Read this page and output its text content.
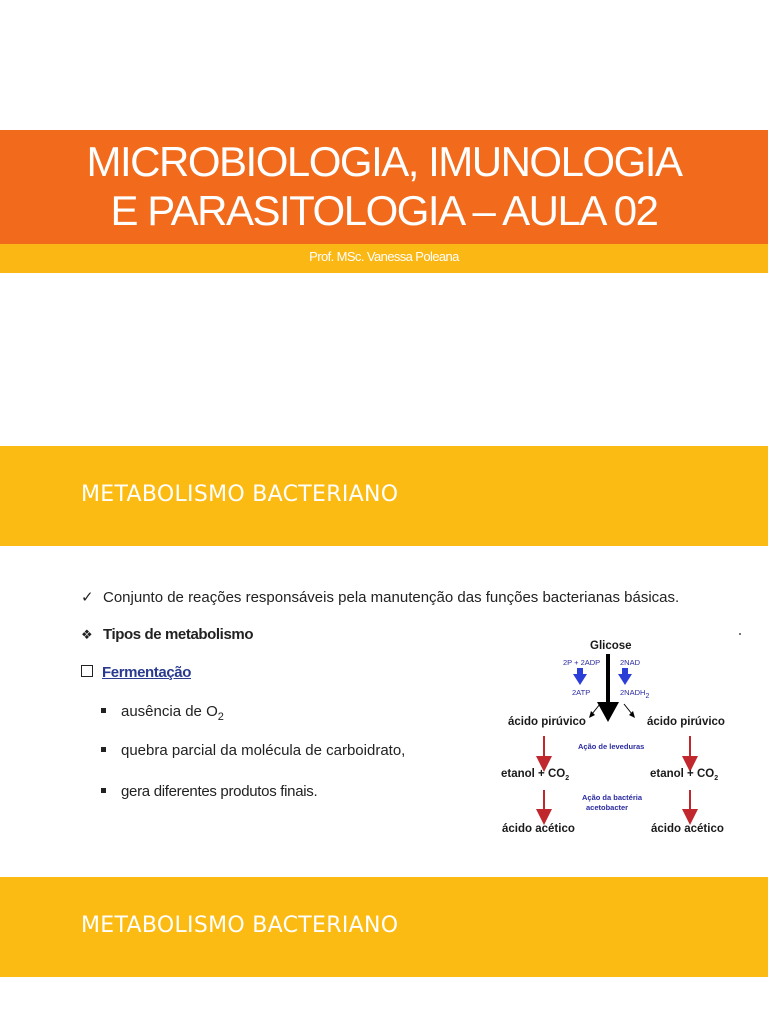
MICROBIOLOGIA, IMUNOLOGIA
E PARASITOLOGIA – AULA 02
Prof. MSc. Vanessa Poleana
METABOLISMO BACTERIANO
✓ Conjunto de reações responsáveis pela manutenção das funções bacterianas básicas.
❖ Tipos de metabolismo
Fermentação
ausência de $O_2$
quebra parcial da molécula de carboidrato,
gera diferentes produtos finais.
Glicose
2P + 2ADP	2NAD
2ATP	2NADH2
ácido pirúvico	ácido pirúvico
Ação de leveduras
etanol + $CO_2$	etanol + $CO_2$
Ação da bactéria
acetobacter
ácido acético	ácido acético
METABOLISMO BACTERIANO
